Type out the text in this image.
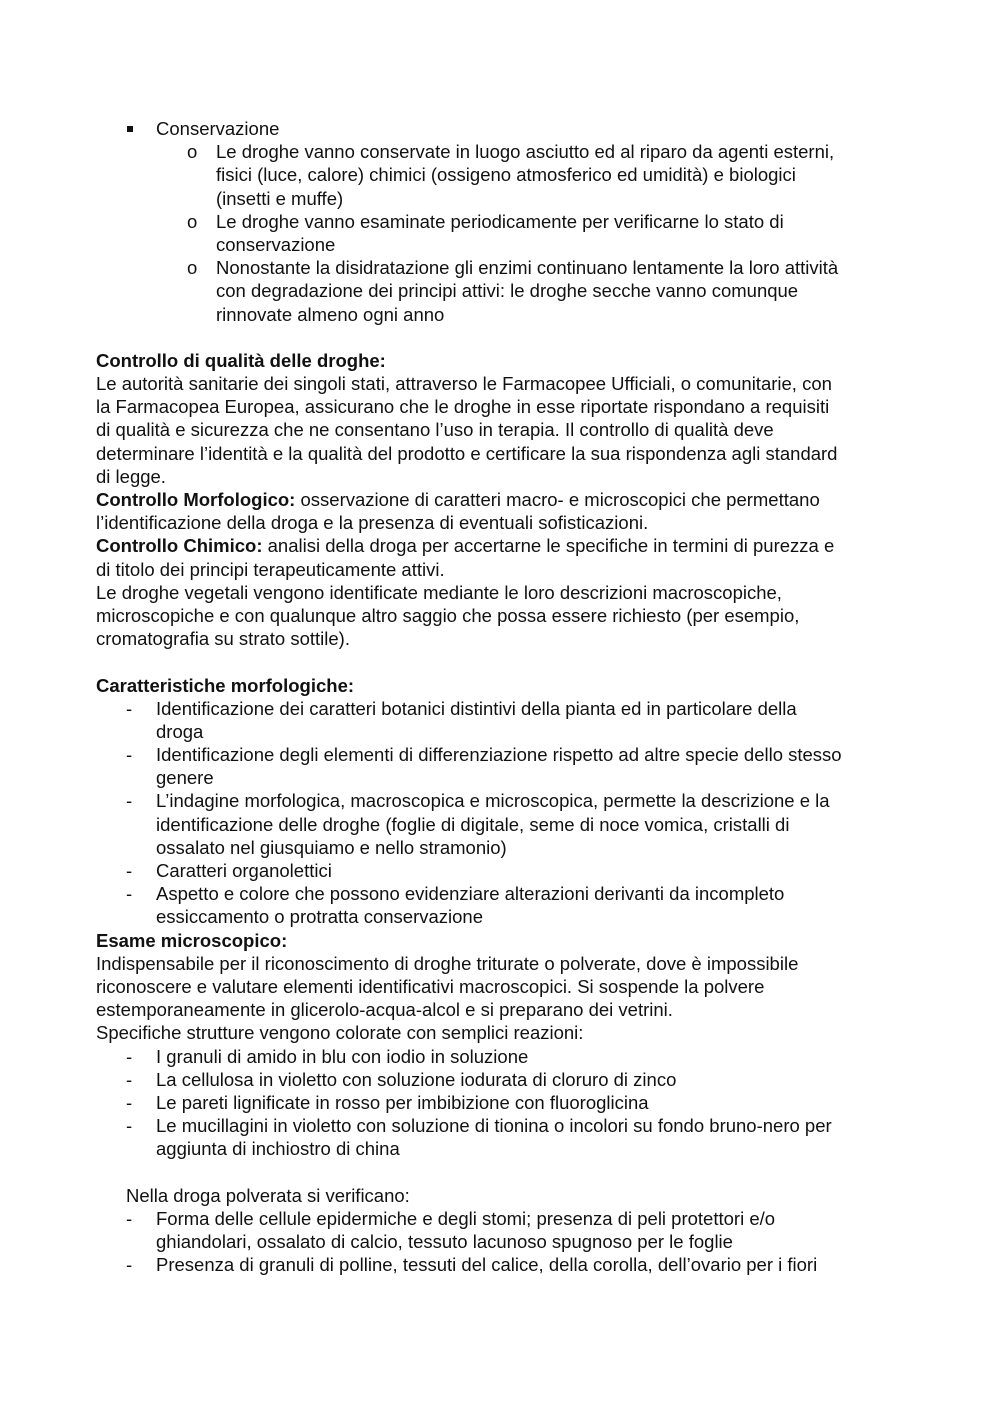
Conservazione
o Le droghe vanno conservate in luogo asciutto ed al riparo da agenti esterni,
fisici (luce, calore) chimici (ossigeno atmosferico ed umidità) e biologici
(insetti e muffe)
o Le droghe vanno esaminate periodicamente per verificarne lo stato di
conservazione
o Nonostante la disidratazione gli enzimi continuano lentamente la loro attività
con degradazione dei principi attivi: le droghe secche vanno comunque
rinnovate almeno ogni anno
Controllo di qualità delle droghe:
Le autorità sanitarie dei singoli stati, attraverso le Farmacopee Ufficiali, o comunitarie, con
la Farmacopea Europea, assicurano che le droghe in esse riportate rispondano a requisiti
di qualità e sicurezza che ne consentano l’uso in terapia. Il controllo di qualità deve
determinare l’identità e la qualità del prodotto e certificare la sua rispondenza agli standard
di legge.
Controllo Morfologico: osservazione di caratteri macro- e microscopici che permettano
l’identificazione della droga e la presenza di eventuali sofisticazioni.
Controllo Chimico: analisi della droga per accertarne le specifiche in termini di purezza e
di titolo dei principi terapeuticamente attivi.
Le droghe vegetali vengono identificate mediante le loro descrizioni macroscopiche,
microscopiche e con qualunque altro saggio che possa essere richiesto (per esempio,
cromatografia su strato sottile).
Caratteristiche morfologiche:
- Identificazione dei caratteri botanici distintivi della pianta ed in particolare della
droga
- Identificazione degli elementi di differenziazione rispetto ad altre specie dello stesso
genere
- L’indagine morfologica, macroscopica e microscopica, permette la descrizione e la
identificazione delle droghe (foglie di digitale, seme di noce vomica, cristalli di
ossalato nel giusquiamo e nello stramonio)
- Caratteri organolettici
- Aspetto e colore che possono evidenziare alterazioni derivanti da incompleto
essiccamento o protratta conservazione
Esame microscopico:
Indispensabile per il riconoscimento di droghe triturate o polverate, dove è impossibile
riconoscere e valutare elementi identificativi macroscopici. Si sospende la polvere
estemporaneamente in glicerolo-acqua-alcol e si preparano dei vetrini.
Specifiche strutture vengono colorate con semplici reazioni:
- I granuli di amido in blu con iodio in soluzione
- La cellulosa in violetto con soluzione iodurata di cloruro di zinco
- Le pareti lignificate in rosso per imbibizione con fluoroglicina
- Le mucillagini in violetto con soluzione di tionina o incolori su fondo bruno-nero per
aggiunta di inchiostro di china
Nella droga polverata si verificano:
- Forma delle cellule epidermiche e degli stomi; presenza di peli protettori e/o
ghiandolari, ossalato di calcio, tessuto lacunoso spugnoso per le foglie
- Presenza di granuli di polline, tessuti del calice, della corolla, dell’ovario per i fiori
